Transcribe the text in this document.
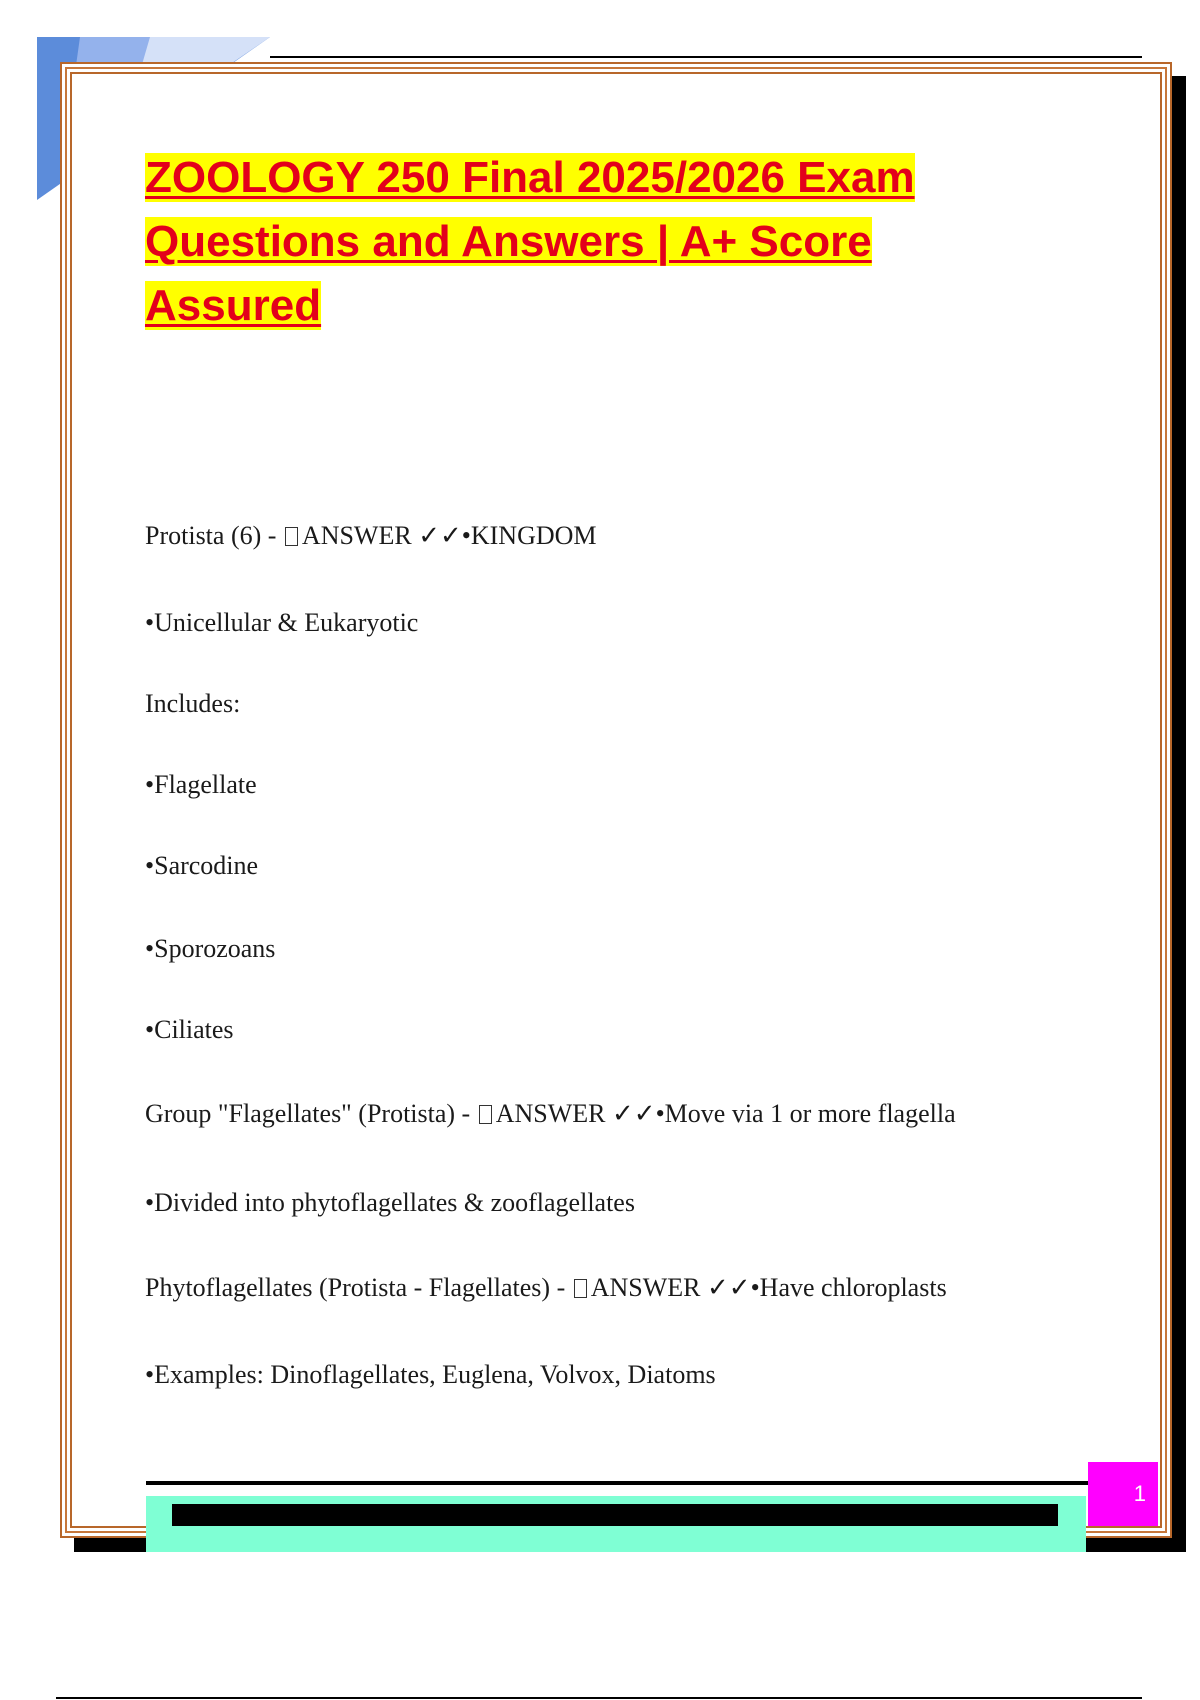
ZOOLOGY 250 Final 2025/2026 Exam
Questions and Answers | A+ Score
Assured

Protista (6) - ANSWER ✓✓•KINGDOM

•Unicellular & Eukaryotic

Includes:

•Flagellate

•Sarcodine

•Sporozoans

•Ciliates

Group "Flagellates" (Protista) - ANSWER ✓✓•Move via 1 or more flagella

•Divided into phytoflagellates & zooflagellates

Phytoflagellates (Protista - Flagellates) - ANSWER ✓✓•Have chloroplasts

•Examples: Dinoflagellates, Euglena, Volvox, Diatoms

1
